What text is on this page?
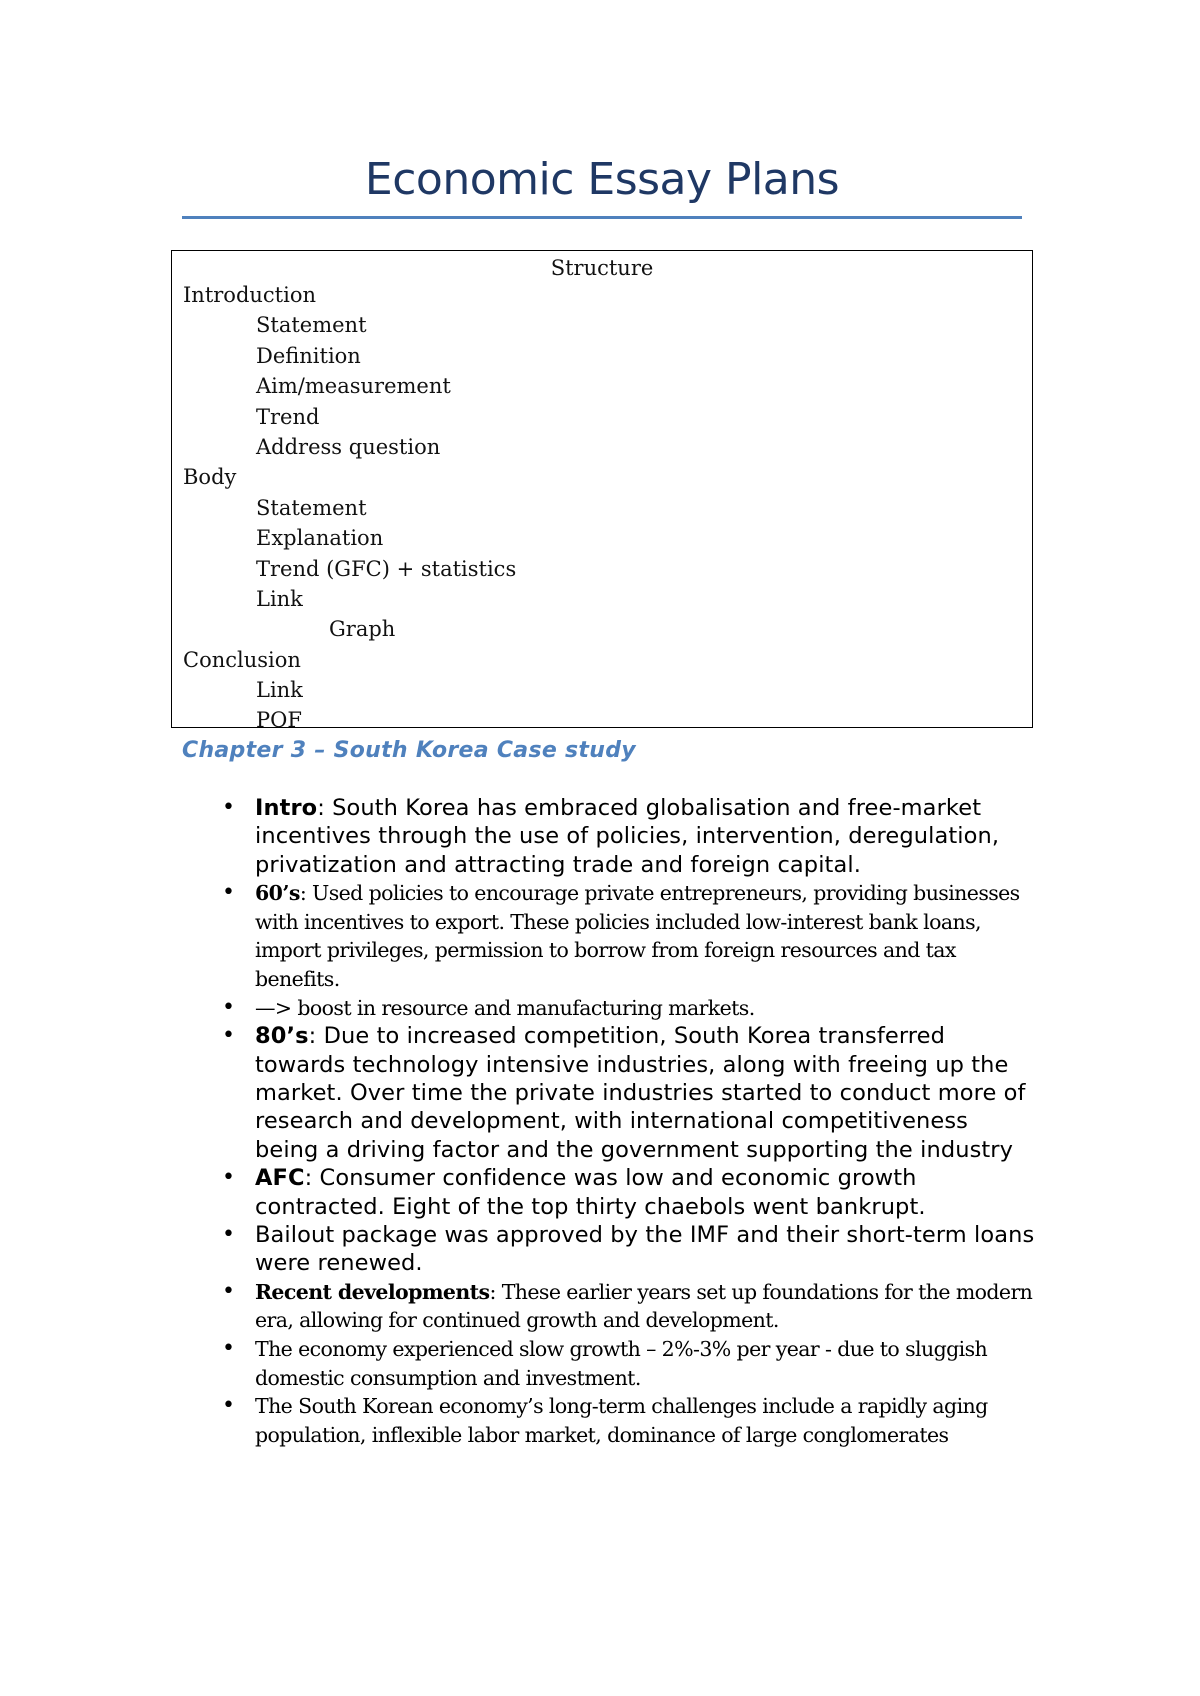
Economic Essay Plans
Structure
Introduction
Statement
Definition
Aim/measurement
Trend
Address question
Body
Statement
Explanation
Trend (GFC) + statistics
Link
Graph
Conclusion
Link
POF
Chapter 3 – South Korea Case study
• Intro: South Korea has embraced globalisation and free-market incentives through the use of policies, intervention, deregulation, privatization and attracting trade and foreign capital.
• 60’s: Used policies to encourage private entrepreneurs, providing businesses with incentives to export. These policies included low-interest bank loans, import privileges, permission to borrow from foreign resources and tax benefits.
• —> boost in resource and manufacturing markets.
• 80’s: Due to increased competition, South Korea transferred towards technology intensive industries, along with freeing up the market. Over time the private industries started to conduct more of research and development, with international competitiveness being a driving factor and the government supporting the industry
• AFC: Consumer confidence was low and economic growth contracted. Eight of the top thirty chaebols went bankrupt.
• Bailout package was approved by the IMF and their short-term loans were renewed.
• Recent developments: These earlier years set up foundations for the modern era, allowing for continued growth and development.
• The economy experienced slow growth – 2%-3% per year - due to sluggish domestic consumption and investment.
• The South Korean economy’s long-term challenges include a rapidly aging population, inflexible labor market, dominance of large conglomerates
